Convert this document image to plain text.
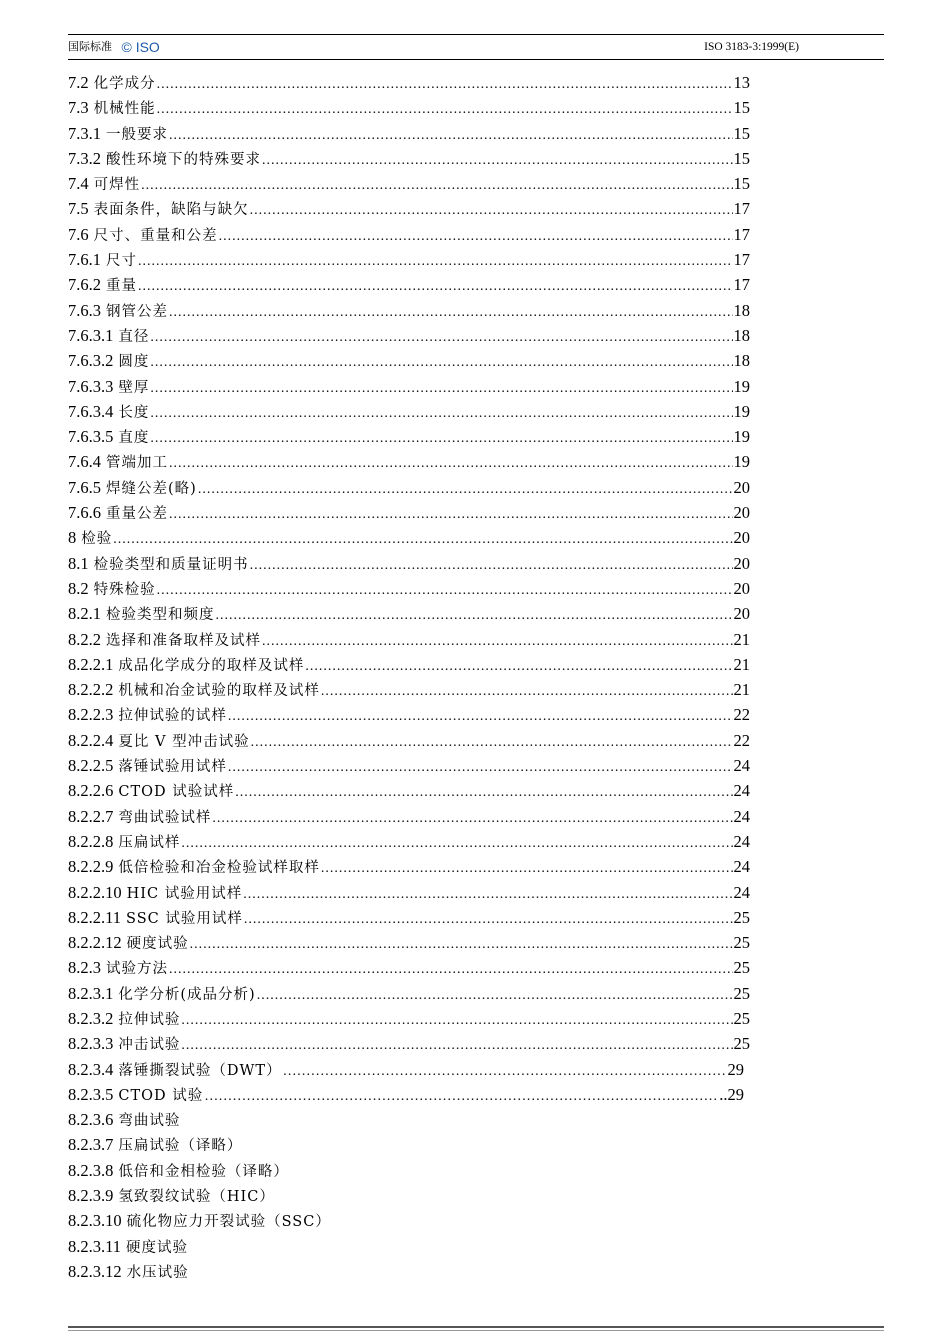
国际标准 © ISO	ISO 3183-3:1999(E)
7.2 化学成分 .....	13
7.3 机械性能 .....	15
7.3.1 一般要求 .....	15
7.3.2 酸性环境下的特殊要求 .....	15
7.4 可焊性 .....	15
7.5 表面条件，缺陷与缺欠 .....	17
7.6 尺寸、重量和公差 .....	17
7.6.1 尺寸 .....	17
7.6.2 重量 .....	17
7.6.3 钢管公差 .....	18
7.6.3.1 直径 .....	18
7.6.3.2 圆度 .....	18
7.6.3.3 壁厚 .....	19
7.6.3.4 长度 .....	19
7.6.3.5 直度 .....	19
7.6.4 管端加工 .....	19
7.6.5 焊缝公差(略) .....	20
7.6.6 重量公差 .....	20
8 检验 .....	20
8.1 检验类型和质量证明书 .....	20
8.2 特殊检验 .....	20
8.2.1 检验类型和频度 .....	20
8.2.2 选择和准备取样及试样 .....	21
8.2.2.1 成品化学成分的取样及试样 .....	21
8.2.2.2 机械和冶金试验的取样及试样 .....	21
8.2.2.3 拉伸试验的试样 .....	22
8.2.2.4 夏比 V 型冲击试验 .....	22
8.2.2.5 落锤试验用试样 .....	24
8.2.2.6 CTOD 试验试样 .....	24
8.2.2.7 弯曲试验试样 .....	24
8.2.2.8 压扁试样 .....	24
8.2.2.9 低倍检验和冶金检验试样取样 .....	24
8.2.2.10 HIC 试验用试样 .....	24
8.2.2.11 SSC 试验用试样 .....	25
8.2.2.12 硬度试验 .....	25
8.2.3 试验方法 .....	25
8.2.3.1 化学分析(成品分析) .....	25
8.2.3.2 拉伸试验 .....	25
8.2.3.3 冲击试验 .....	25
8.2.3.4 落锤撕裂试验（DWT） …………………………………………………………………………………………………………………	29
8.2.3.5 CTOD 试验 …………………………………………………………………………………………………………………	..29
8.2.3.6 弯曲试验
8.2.3.7 压扁试验（译略）
8.2.3.8 低倍和金相检验（译略）
8.2.3.9 氢致裂纹试验（HIC）
8.2.3.10 硫化物应力开裂试验（SSC）
8.2.3.11 硬度试验
8.2.3.12 水压试验
